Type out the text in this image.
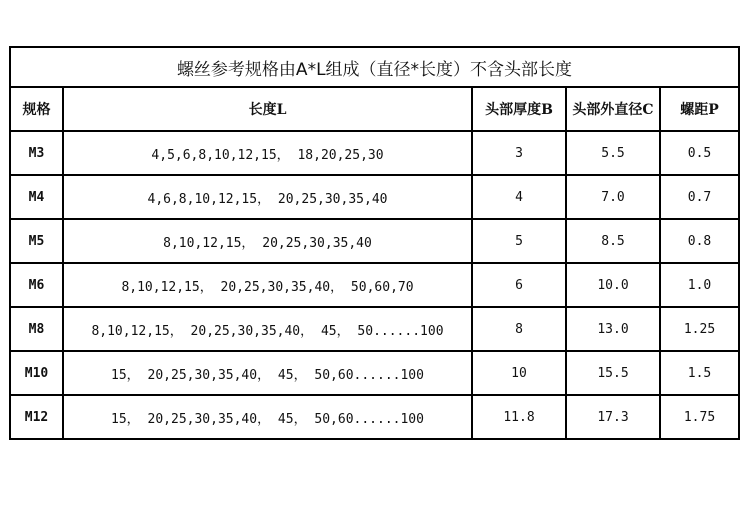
螺丝参考规格由A*L组成（直径*长度）不含头部长度				
规格	长度L	头部厚度B	头部外直径C	螺距P
M3	4,5,6,8,10,12,15， 18,20,25,30	3	5.5	0.5
M4	4,6,8,10,12,15， 20,25,30,35,40	4	7.0	0.7
M5	8,10,12,15， 20,25,30,35,40	5	8.5	0.8
M6	8,10,12,15， 20,25,30,35,40， 50,60,70	6	10.0	1.0
M8	8,10,12,15， 20,25,30,35,40， 45， 50......100	8	13.0	1.25
M10	15， 20,25,30,35,40， 45， 50,60......100	10	15.5	1.5
M12	15， 20,25,30,35,40， 45， 50,60......100	11.8	17.3	1.75
